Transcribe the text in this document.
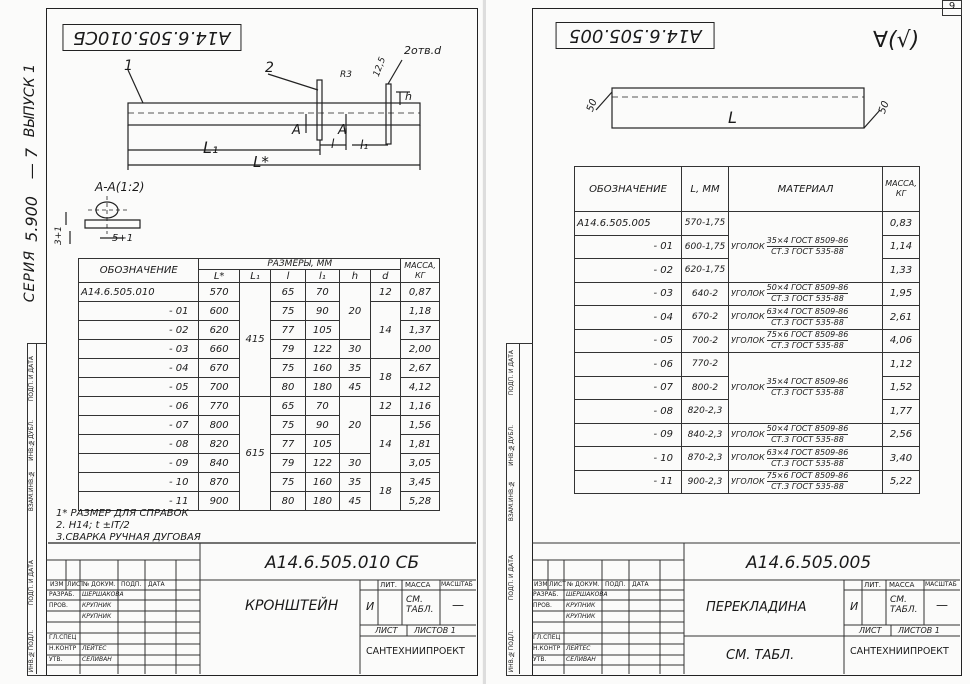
А14.6.505.010СБ
СЕРИЯ
5.900
— 7
ВЫПУСК 1
ВЗАМ.ИНВ.№
ИНВ.№ДУБЛ.
ПОДП. И ДАТА
ПОДП. И ДАТА
ИНВ.№ПОДЛ.
1	2
2отв.d
R3 12,5
h
A	A
l l₁
L₁
L*
A-A(1:2)
5+1
3+1
ОБОЗНАЧЕНИЕ	РАЗМЕРЫ, ММ						МАССА, КГ
	L*	L₁	l	l₁	h	d	
А14.6.505.010	570	415	65	70	20	12	0,87
- 01	600		75	90		14	1,18
- 02	620		77	105			1,37
- 03	660		79	122	30		2,00
- 04	670		75	160	35	18	2,67
- 05	700		80	180	45		4,12
- 06	770	615	65	70	20	12	1,16
- 07	800		75	90		14	1,56
- 08	820		77	105			1,81
- 09	840		79	122	30		3,05
- 10	870		75	160	35	18	3,45
- 11	900		80	180	45		5,28
1* РАЗМЕР ДЛЯ СПРАВОК
2. H14; t ±IT/2
3.СВАРКА РУЧНАЯ ДУГОВАЯ
А14.6.505.010 СБ
КРОНШТЕЙН
ЛИТ. МАССА МАСШТАБ
И	СМ. ТАБЛ. —
ЛИСТ ЛИСТОВ 1
САНТЕХНИИПРОЕКТ
ИЗМ ЛИСТ № ДОКУМ. ПОДП. ДАТА
РАЗРАБ.
ПРОВ.
ГЛ.СПЕЦ
Н.КОНТР
УТВ.
ШЕРШАКОВА
КРУПНИК
КРУПНИК
ЛЕЙТЕС
СЕЛИВАН
9
А14.6.505.005	∀(√)
ВЗАМ.ИНВ.№
ИНВ.№ДУБЛ.
ПОДП. И ДАТА
ПОДП. И ДАТА
ИНВ.№ПОДЛ.
50	50
L
ОБОЗНАЧЕНИЕ	L, ММ	МАТЕРИАЛ	МАССА, КГ
А14.6.505.005	570-1,75	УГОЛОК
35×4 ГОСТ 8509-86
СТ.3 ГОСТ 535-88	0,83
- 01	600-1,75		1,14
- 02	620-1,75		1,33
- 03	640-2	УГОЛОК
50×4 ГОСТ 8509-86
СТ.3 ГОСТ 535-88	1,95
- 04	670-2	УГОЛОК
63×4 ГОСТ 8509-86
СТ.3 ГОСТ 535-88	2,61
- 05	700-2	УГОЛОК
75×6 ГОСТ 8509-86
СТ.3 ГОСТ 535-88	4,06
- 06	770-2	УГОЛОК
35×4 ГОСТ 8509-86
СТ.3 ГОСТ 535-88	1,12
- 07	800-2		1,52
- 08	820-2,3		1,77
- 09	840-2,3	УГОЛОК
50×4 ГОСТ 8509-86
СТ.3 ГОСТ 535-88	2,56
- 10	870-2,3	УГОЛОК
63×4 ГОСТ 8509-86
СТ.3 ГОСТ 535-88	3,40
- 11	900-2,3	УГОЛОК
75×6 ГОСТ 8509-86
СТ.3 ГОСТ 535-88	5,22
А14.6.505.005
ПЕРЕКЛАДИНА
СМ. ТАБЛ.
ЛИТ. МАССА МАСШТАБ
И	СМ. ТАБЛ. —
ЛИСТ ЛИСТОВ 1
САНТЕХНИИПРОЕКТ
ИЗМ ЛИСТ № ДОКУМ. ПОДП. ДАТА
РАЗРАБ.
ПРОВ.
ГЛ.СПЕЦ
Н.КОНТР
УТВ.
ШЕРШАКОВА
КРУПНИК
КРУПНИК
ЛЕЙТЕС
СЕЛИВАН
